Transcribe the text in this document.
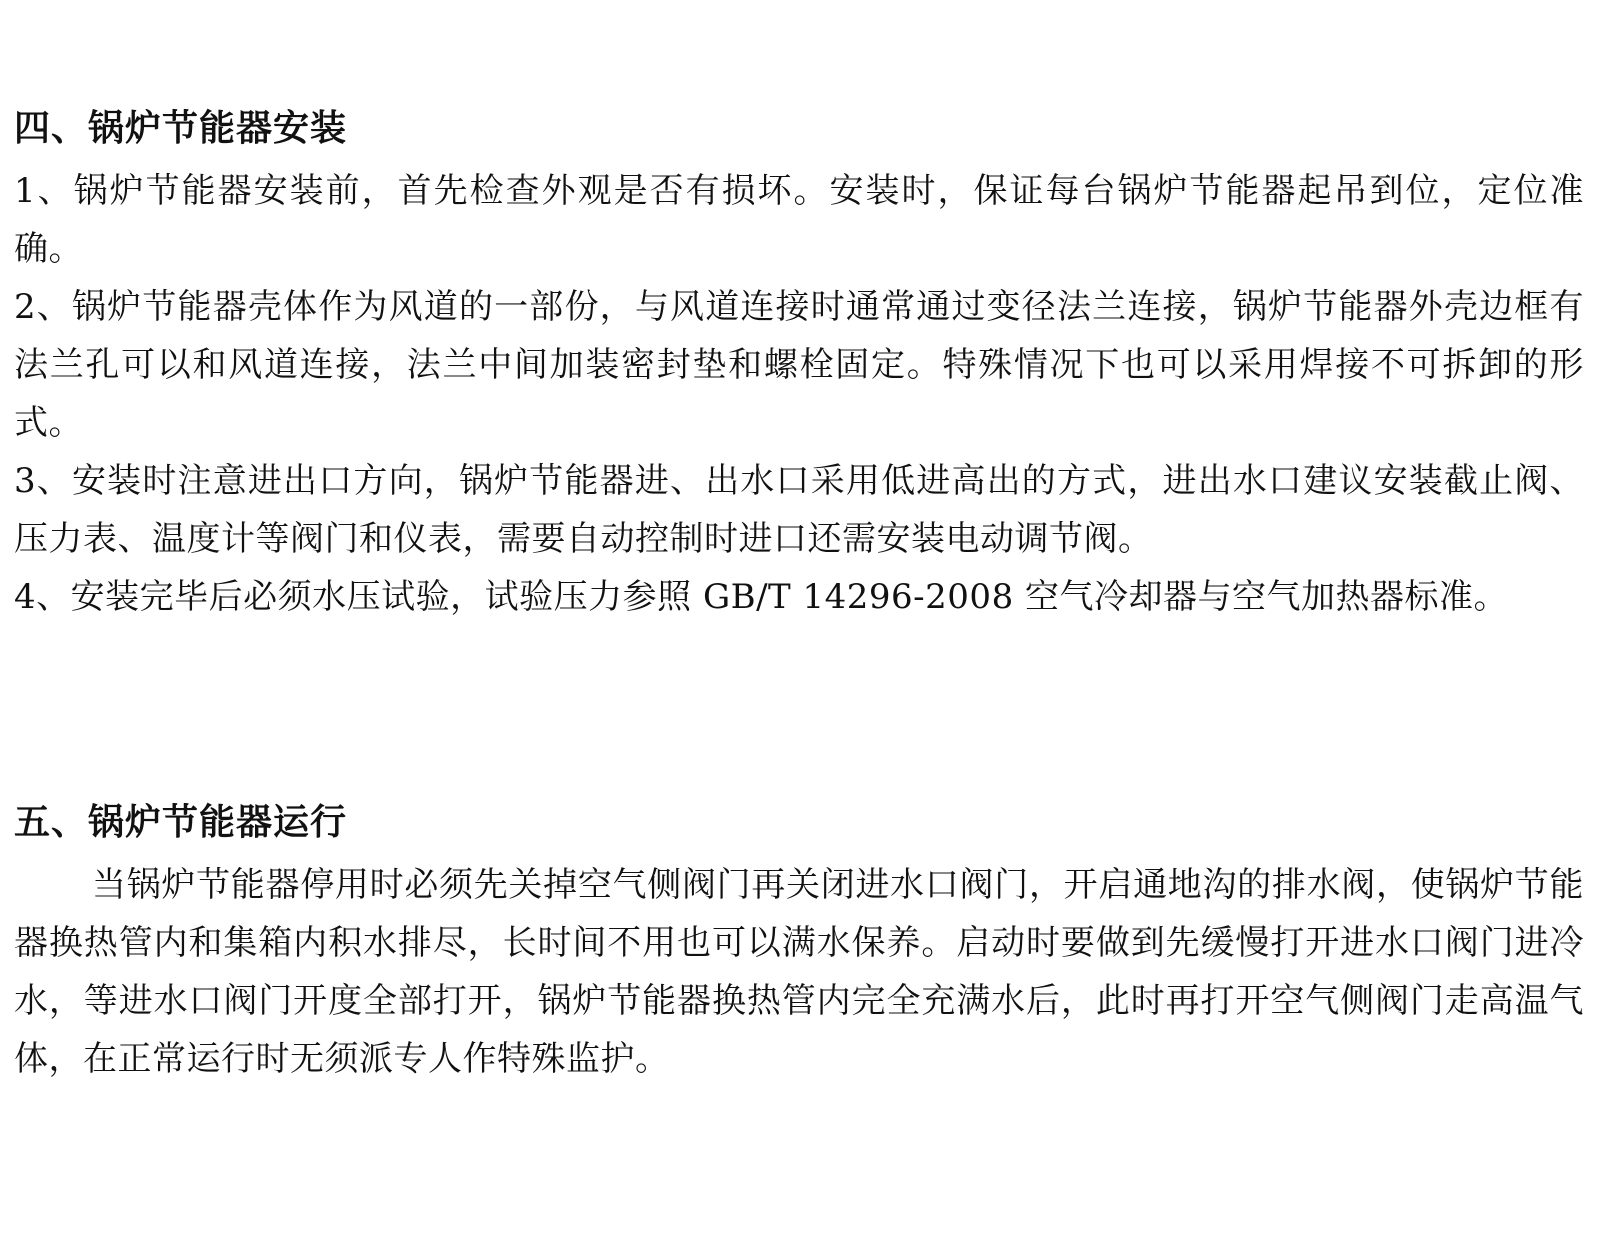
四、锅炉节能器安装

1、锅炉节能器安装前，首先检查外观是否有损坏。安装时，保证每台锅炉节能器起吊到位，定位准确。

2、锅炉节能器壳体作为风道的一部份，与风道连接时通常通过变径法兰连接，锅炉节能器外壳边框有法兰孔可以和风道连接，法兰中间加装密封垫和螺栓固定。特殊情况下也可以采用焊接不可拆卸的形式。

3、安装时注意进出口方向，锅炉节能器进、出水口采用低进高出的方式，进出水口建议安装截止阀、压力表、温度计等阀门和仪表，需要自动控制时进口还需安装电动调节阀。

4、安装完毕后必须水压试验，试验压力参照 GB/T 14296-2008 空气冷却器与空气加热器标准。

五、锅炉节能器运行

当锅炉节能器停用时必须先关掉空气侧阀门再关闭进水口阀门，开启通地沟的排水阀，使锅炉节能器换热管内和集箱内积水排尽，长时间不用也可以满水保养。启动时要做到先缓慢打开进水口阀门进冷水，等进水口阀门开度全部打开，锅炉节能器换热管内完全充满水后，此时再打开空气侧阀门走高温气体，在正常运行时无须派专人作特殊监护。
